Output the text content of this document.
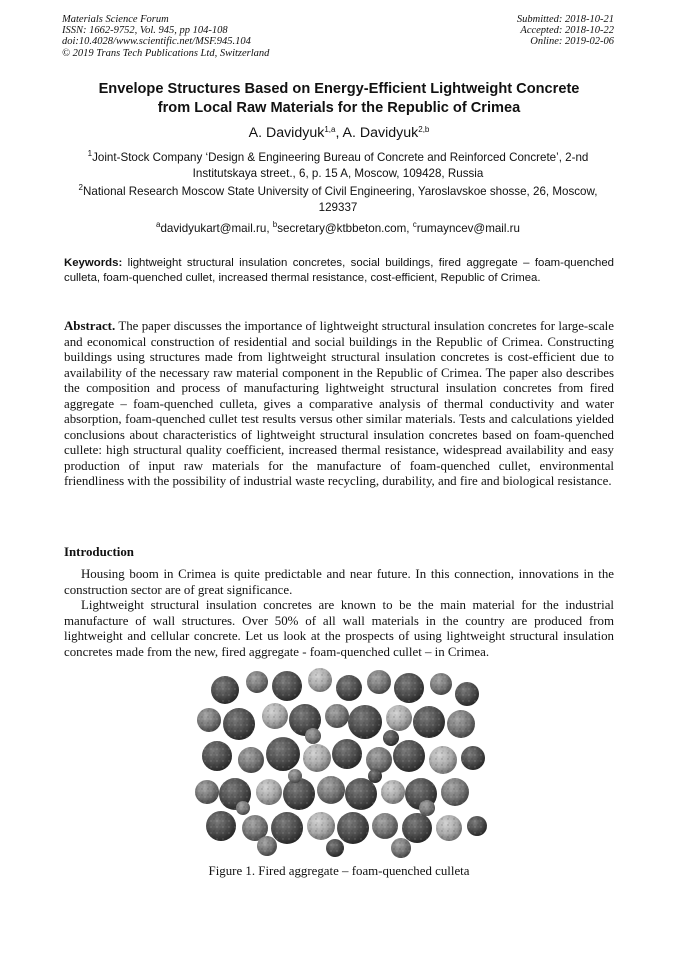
Materials Science Forum
ISSN: 1662-9752, Vol. 945, pp 104-108
doi:10.4028/www.scientific.net/MSF.945.104
© 2019 Trans Tech Publications Ltd, Switzerland
Submitted: 2018-10-21
Accepted: 2018-10-22
Online: 2019-02-06
Envelope Structures Based on Energy-Efficient Lightweight Concrete
from Local Raw Materials for the Republic of Crimea
A. Davidyuk$^{1,a}$, A. Davidyuk$^{2,b}$
$^1$Joint-Stock Company ‘Design & Engineering Bureau of Concrete and Reinforced Concrete’, 2-nd Institutskaya street., 6, p. 15 A, Moscow, 109428, Russia
$^2$National Research Moscow State University of Civil Engineering, Yaroslavskoe shosse, 26, Moscow, 129337
$^a$davidyukart@mail.ru, $^b$secretary@ktbbeton.com, $^c$rumayncev@mail.ru
Keywords: lightweight structural insulation concretes, social buildings, fired aggregate – foam-quenched culleta, foam-quenched cullet, increased thermal resistance, cost-efficient, Republic of Crimea.
Abstract. The paper discusses the importance of lightweight structural insulation concretes for large-scale and economical construction of residential and social buildings in the Republic of Crimea. Constructing buildings using structures made from lightweight structural insulation concretes is cost-efficient due to availability of the necessary raw material component in the Republic of Crimea. The paper also describes the composition and process of manufacturing lightweight structural insulation concretes from fired aggregate – foam-quenched culleta, gives a comparative analysis of thermal conductivity and water absorption, foam-quenched cullet test results versus other similar materials. Tests and calculations yielded conclusions about characteristics of lightweight structural insulation concretes based on foam-quenched cullete: high structural quality coefficient, increased thermal resistance, widespread availability and easy production of input raw materials for the manufacture of foam-quenched cullet, environmental friendliness with the possibility of industrial waste recycling, durability, and fire and biological resistance.
Introduction
Housing boom in Crimea is quite predictable and near future. In this connection, innovations in the construction sector are of great significance.
Lightweight structural insulation concretes are known to be the main material for the industrial manufacture of wall structures. Over 50% of all wall materials in the country are produced from lightweight and cellular concrete. Let us look at the prospects of using lightweight structural insulation concretes made from the new, fired aggregate - foam-quenched cullet – in Crimea.
Figure 1. Fired aggregate – foam-quenched culleta
